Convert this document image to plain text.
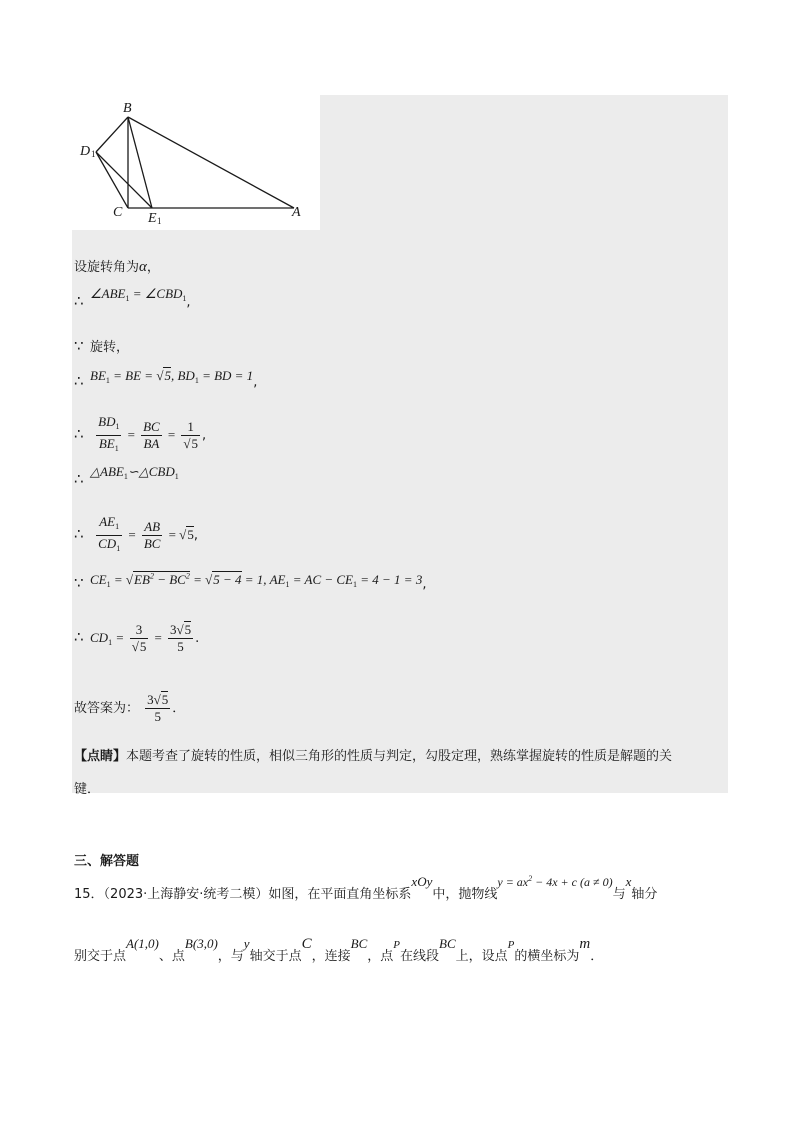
B
D 1
C E 1
A
设旋转角为α，
∴ $\angle ABE_1$ = $\angle CBD_1$,
∵ 旋转，
∴ $BE_1$ = BE = √5, $BD_1$ = BD = 1,
∴ $\frac{BD_1}{BE_1} = \frac{BC}{BA} = \frac{1}{√5}$ ,
∴ $\triangle ABE_1∽\triangle CBD_1$
∴ $\frac{AE_1}{CD_1} = \frac{AB}{BC} = √5$,
∵ $CE_1 = √EB^2 - BC^2 = √5 - 4 = 1$, $AE_1$ = AC − $CE_1 = 4 - 1 = 3$,
∴ $CD_1 = \frac{3}{√5} = \frac{3√5}{5}$ .
故答案为： $\frac{3√5}{5}$ ．
【点睛】本题考查了旋转的性质，相似三角形的性质与判定，勾股定理，熟练掌握旋转的性质是解题的关
键．
三、解答题
15．（2023·上海静安·统考二模）如图，在平面直角坐标系xOy中，抛物线$y = ax^2 - 4x + c$ (a ≠ 0)与x轴分
别交于点A(1,0)、点B(3,0)，与y轴交于点C，连接BC，点P在线段BC上，设点P的横坐标为m．
